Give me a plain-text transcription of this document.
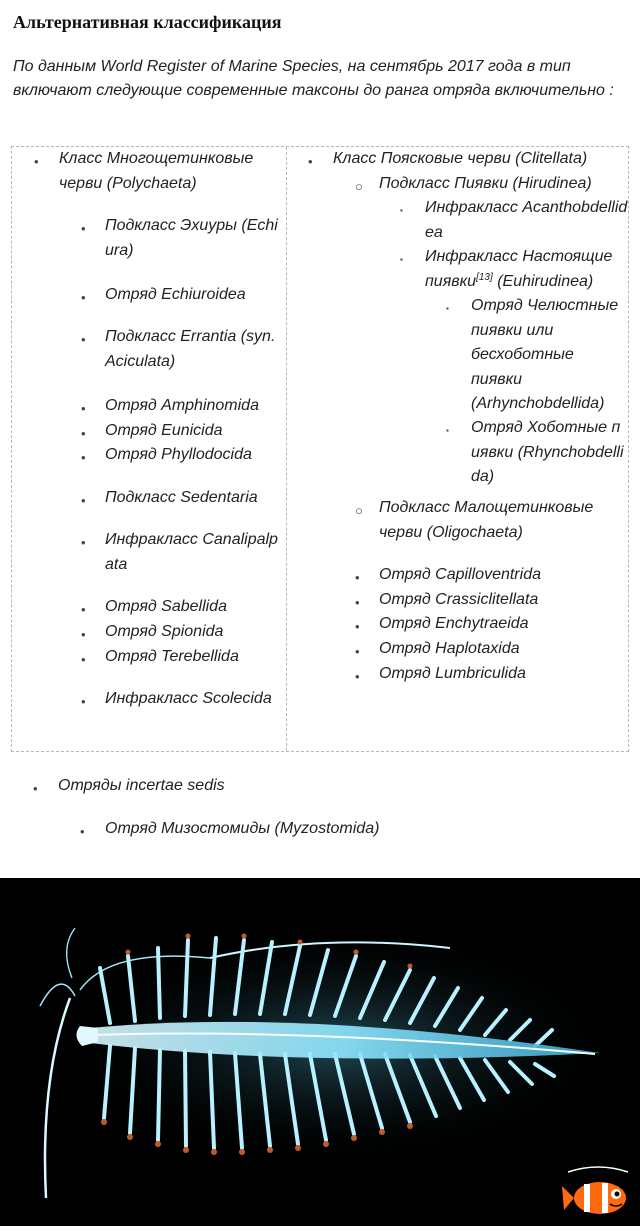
Альтернативная классификация
По данным World Register of Marine Species, на сентябрь 2017 года в тип включают следующие современные таксоны до ранга отряда включительно :
• Класс Многощетинковые черви (Polychaeta)
• Подкласс Эхиуры (Echiura)
• Отряд Echiuroidea
• Подкласс Errantia (syn. Aciculata)
• Отряд Amphinomida
• Отряд Eunicida
• Отряд Phyllodocida
• Подкласс Sedentaria
• Инфракласс Canalipalpata
• Отряд Sabellida
• Отряд Spionida
• Отряд Terebellida
• Инфракласс Scolecida
• Класс Поясковые черви (Clitellata)
○ Подкласс Пиявки (Hirudinea)
▪ Инфракласс Acanthobdellidea
▪ Инфракласс Настоящие пиявки[13] (Euhirudinea)
▪ Отряд Челюстные пиявки или бесхоботные пиявки (Arhynchobdellida)
▪ Отряд Хоботные пиявки (Rhynchobdellida)
○ Подкласс Малощетинковые черви (Oligochaeta)
• Отряд Capilloventrida
• Отряд Crassiclitellata
• Отряд Enchytraeida
• Отряд Haplotaxida
• Отряд Lumbriculida
• Отряды incertae sedis
• Отряд Мизостомиды (Myzostomida)
